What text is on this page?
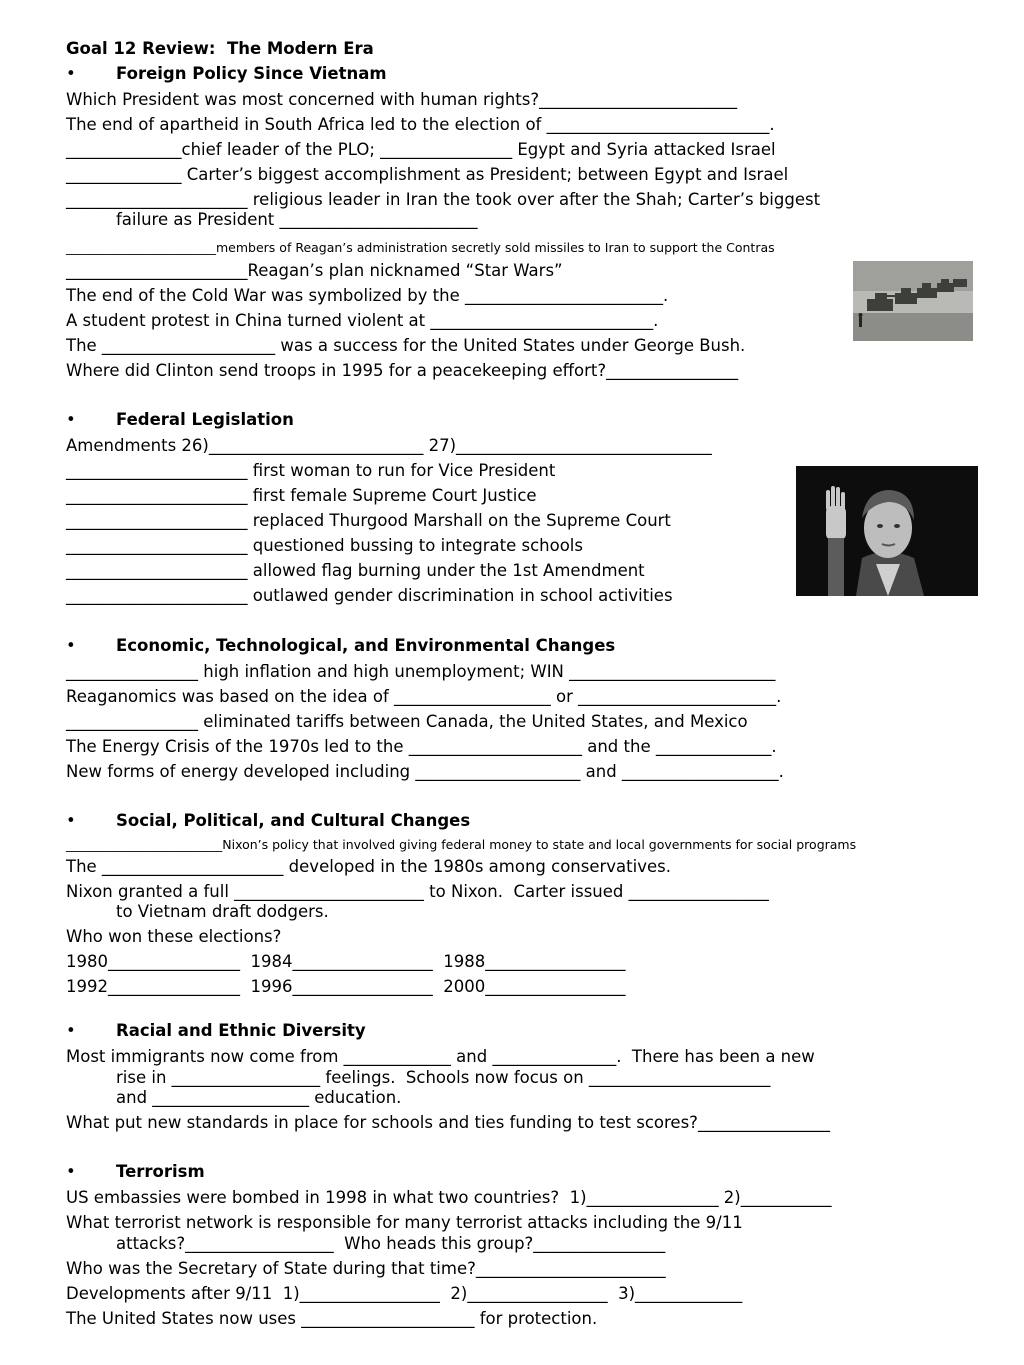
Goal 12 Review:  The Modern Era
• Foreign Policy Since Vietnam
Which President was most concerned with human rights?________________________
The end of apartheid in South Africa led to the election of ___________________________.
______________chief leader of the PLO; ________________ Egypt and Syria attacked Israel
______________ Carter’s biggest accomplishment as President; between Egypt and Israel
______________________ religious leader in Iran the took over after the Shah; Carter’s biggest
failure as President ________________________
________________________members of Reagan’s administration secretly sold missiles to Iran to support the Contras
______________________Reagan’s plan nicknamed “Star Wars”
The end of the Cold War was symbolized by the ________________________.
A student protest in China turned violent at ___________________________.
The _____________________ was a success for the United States under George Bush.
Where did Clinton send troops in 1995 for a peacekeeping effort?________________
• Federal Legislation
Amendments 26)__________________________ 27)_______________________________
______________________ first woman to run for Vice President
______________________ first female Supreme Court Justice
______________________ replaced Thurgood Marshall on the Supreme Court
______________________ questioned bussing to integrate schools
______________________ allowed flag burning under the 1st Amendment
______________________ outlawed gender discrimination in school activities
• Economic, Technological, and Environmental Changes
________________ high inflation and high unemployment; WIN _________________________
Reaganomics was based on the idea of ___________________ or ________________________.
________________ eliminated tariffs between Canada, the United States, and Mexico
The Energy Crisis of the 1970s led to the _____________________ and the ______________.
New forms of energy developed including ____________________ and ___________________.
• Social, Political, and Cultural Changes
_________________________Nixon’s policy that involved giving federal money to state and local governments for social programs
The ______________________ developed in the 1980s among conservatives.
Nixon granted a full _______________________ to Nixon.  Carter issued _________________
to Vietnam draft dodgers.
Who won these elections?
1980________________  1984_________________  1988_________________
1992________________  1996_________________  2000_________________
• Racial and Ethnic Diversity
Most immigrants now come from _____________ and _______________.  There has been a new
rise in __________________ feelings.  Schools now focus on ______________________
and ___________________ education.
What put new standards in place for schools and ties funding to test scores?________________
• Terrorism
US embassies were bombed in 1998 in what two countries?  1)________________ 2)___________
What terrorist network is responsible for many terrorist attacks including the 9/11
attacks?__________________  Who heads this group?________________
Who was the Secretary of State during that time?_______________________
Developments after 9/11  1)_________________  2)_________________  3)_____________
The United States now uses _____________________ for protection.
